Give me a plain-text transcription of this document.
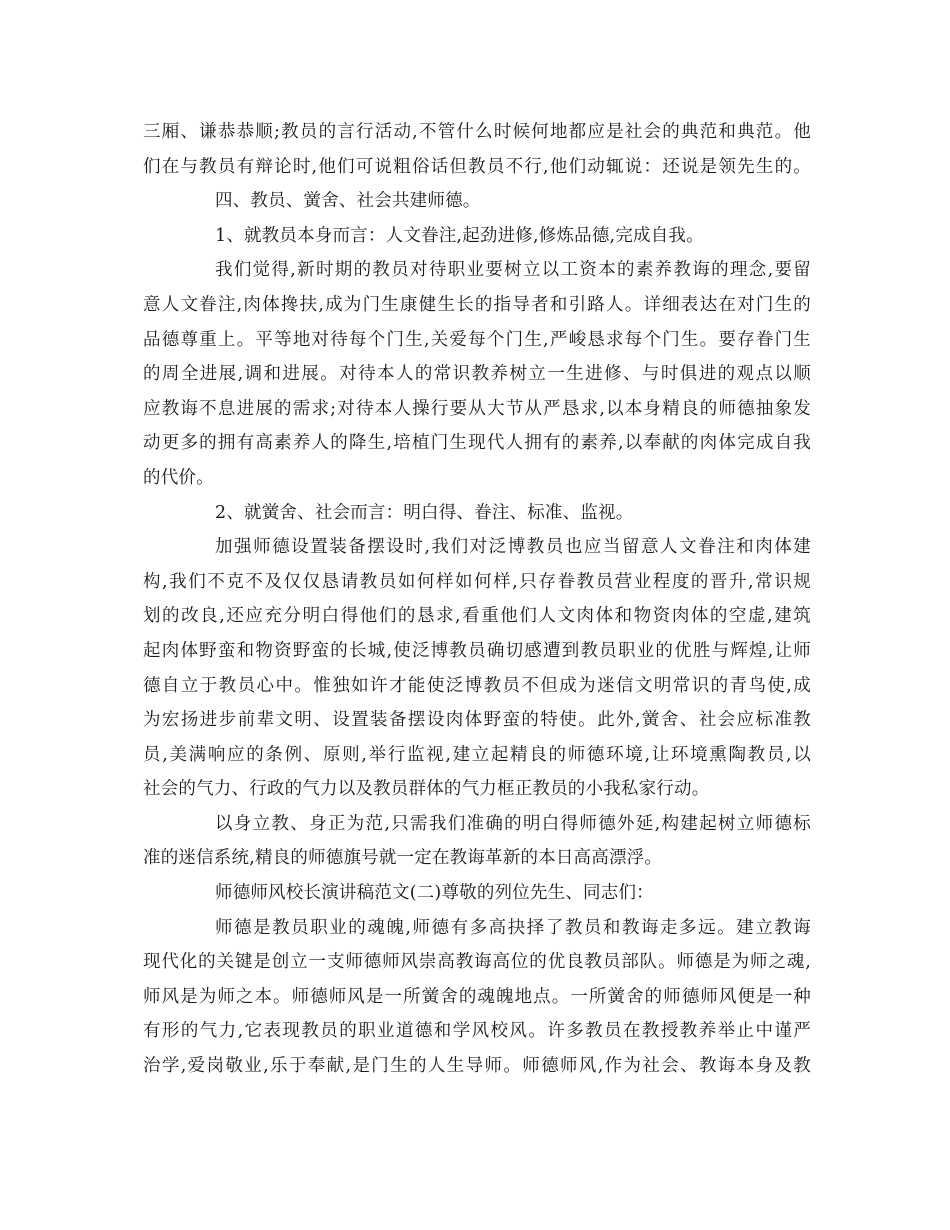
三厢、谦恭恭顺;教员的言行活动,不管什么时候何地都应是社会的典范和典范。他
们在与教员有辩论时,他们可说粗俗话但教员不行,他们动辄说：还说是领先生的。
四、教员、黉舍、社会共建师德。
1、就教员本身而言：人文眷注,起劲进修,修炼品德,完成自我。
我们觉得,新时期的教员对待职业要树立以工资本的素养教诲的理念,要留
意人文眷注,肉体搀扶,成为门生康健生长的指导者和引路人。详细表达在对门生的
品德尊重上。平等地对待每个门生,关爱每个门生,严峻恳求每个门生。要存眷门生
的周全进展,调和进展。对待本人的常识教养树立一生进修、与时俱进的观点以顺
应教诲不息进展的需求;对待本人操行要从大节从严恳求,以本身精良的师德抽象发
动更多的拥有高素养人的降生,培植门生现代人拥有的素养,以奉献的肉体完成自我
的代价。
2、就黉舍、社会而言：明白得、眷注、标准、监视。
加强师德设置装备摆设时,我们对泛博教员也应当留意人文眷注和肉体建
构,我们不克不及仅仅恳请教员如何样如何样,只存眷教员营业程度的晋升,常识规
划的改良,还应充分明白得他们的恳求,看重他们人文肉体和物资肉体的空虚,建筑
起肉体野蛮和物资野蛮的长城,使泛博教员确切感遭到教员职业的优胜与辉煌,让师
德自立于教员心中。惟独如许才能使泛博教员不但成为迷信文明常识的青鸟使,成
为宏扬进步前辈文明、设置装备摆设肉体野蛮的特使。此外,黉舍、社会应标准教
员,美满响应的条例、原则,举行监视,建立起精良的师德环境,让环境熏陶教员,以
社会的气力、行政的气力以及教员群体的气力框正教员的小我私家行动。
以身立教、身正为范,只需我们准确的明白得师德外延,构建起树立师德标
准的迷信系统,精良的师德旗号就一定在教诲革新的本日高高漂浮。
师德师风校长演讲稿范文(二)尊敬的列位先生、同志们：
师德是教员职业的魂魄,师德有多高抉择了教员和教诲走多远。建立教诲
现代化的关键是创立一支师德师风崇高教诲高位的优良教员部队。师德是为师之魂,
师风是为师之本。师德师风是一所黉舍的魂魄地点。一所黉舍的师德师风便是一种
有形的气力,它表现教员的职业道德和学风校风。许多教员在教授教养举止中谨严
治学,爱岗敬业,乐于奉献,是门生的人生导师。师德师风,作为社会、教诲本身及教
